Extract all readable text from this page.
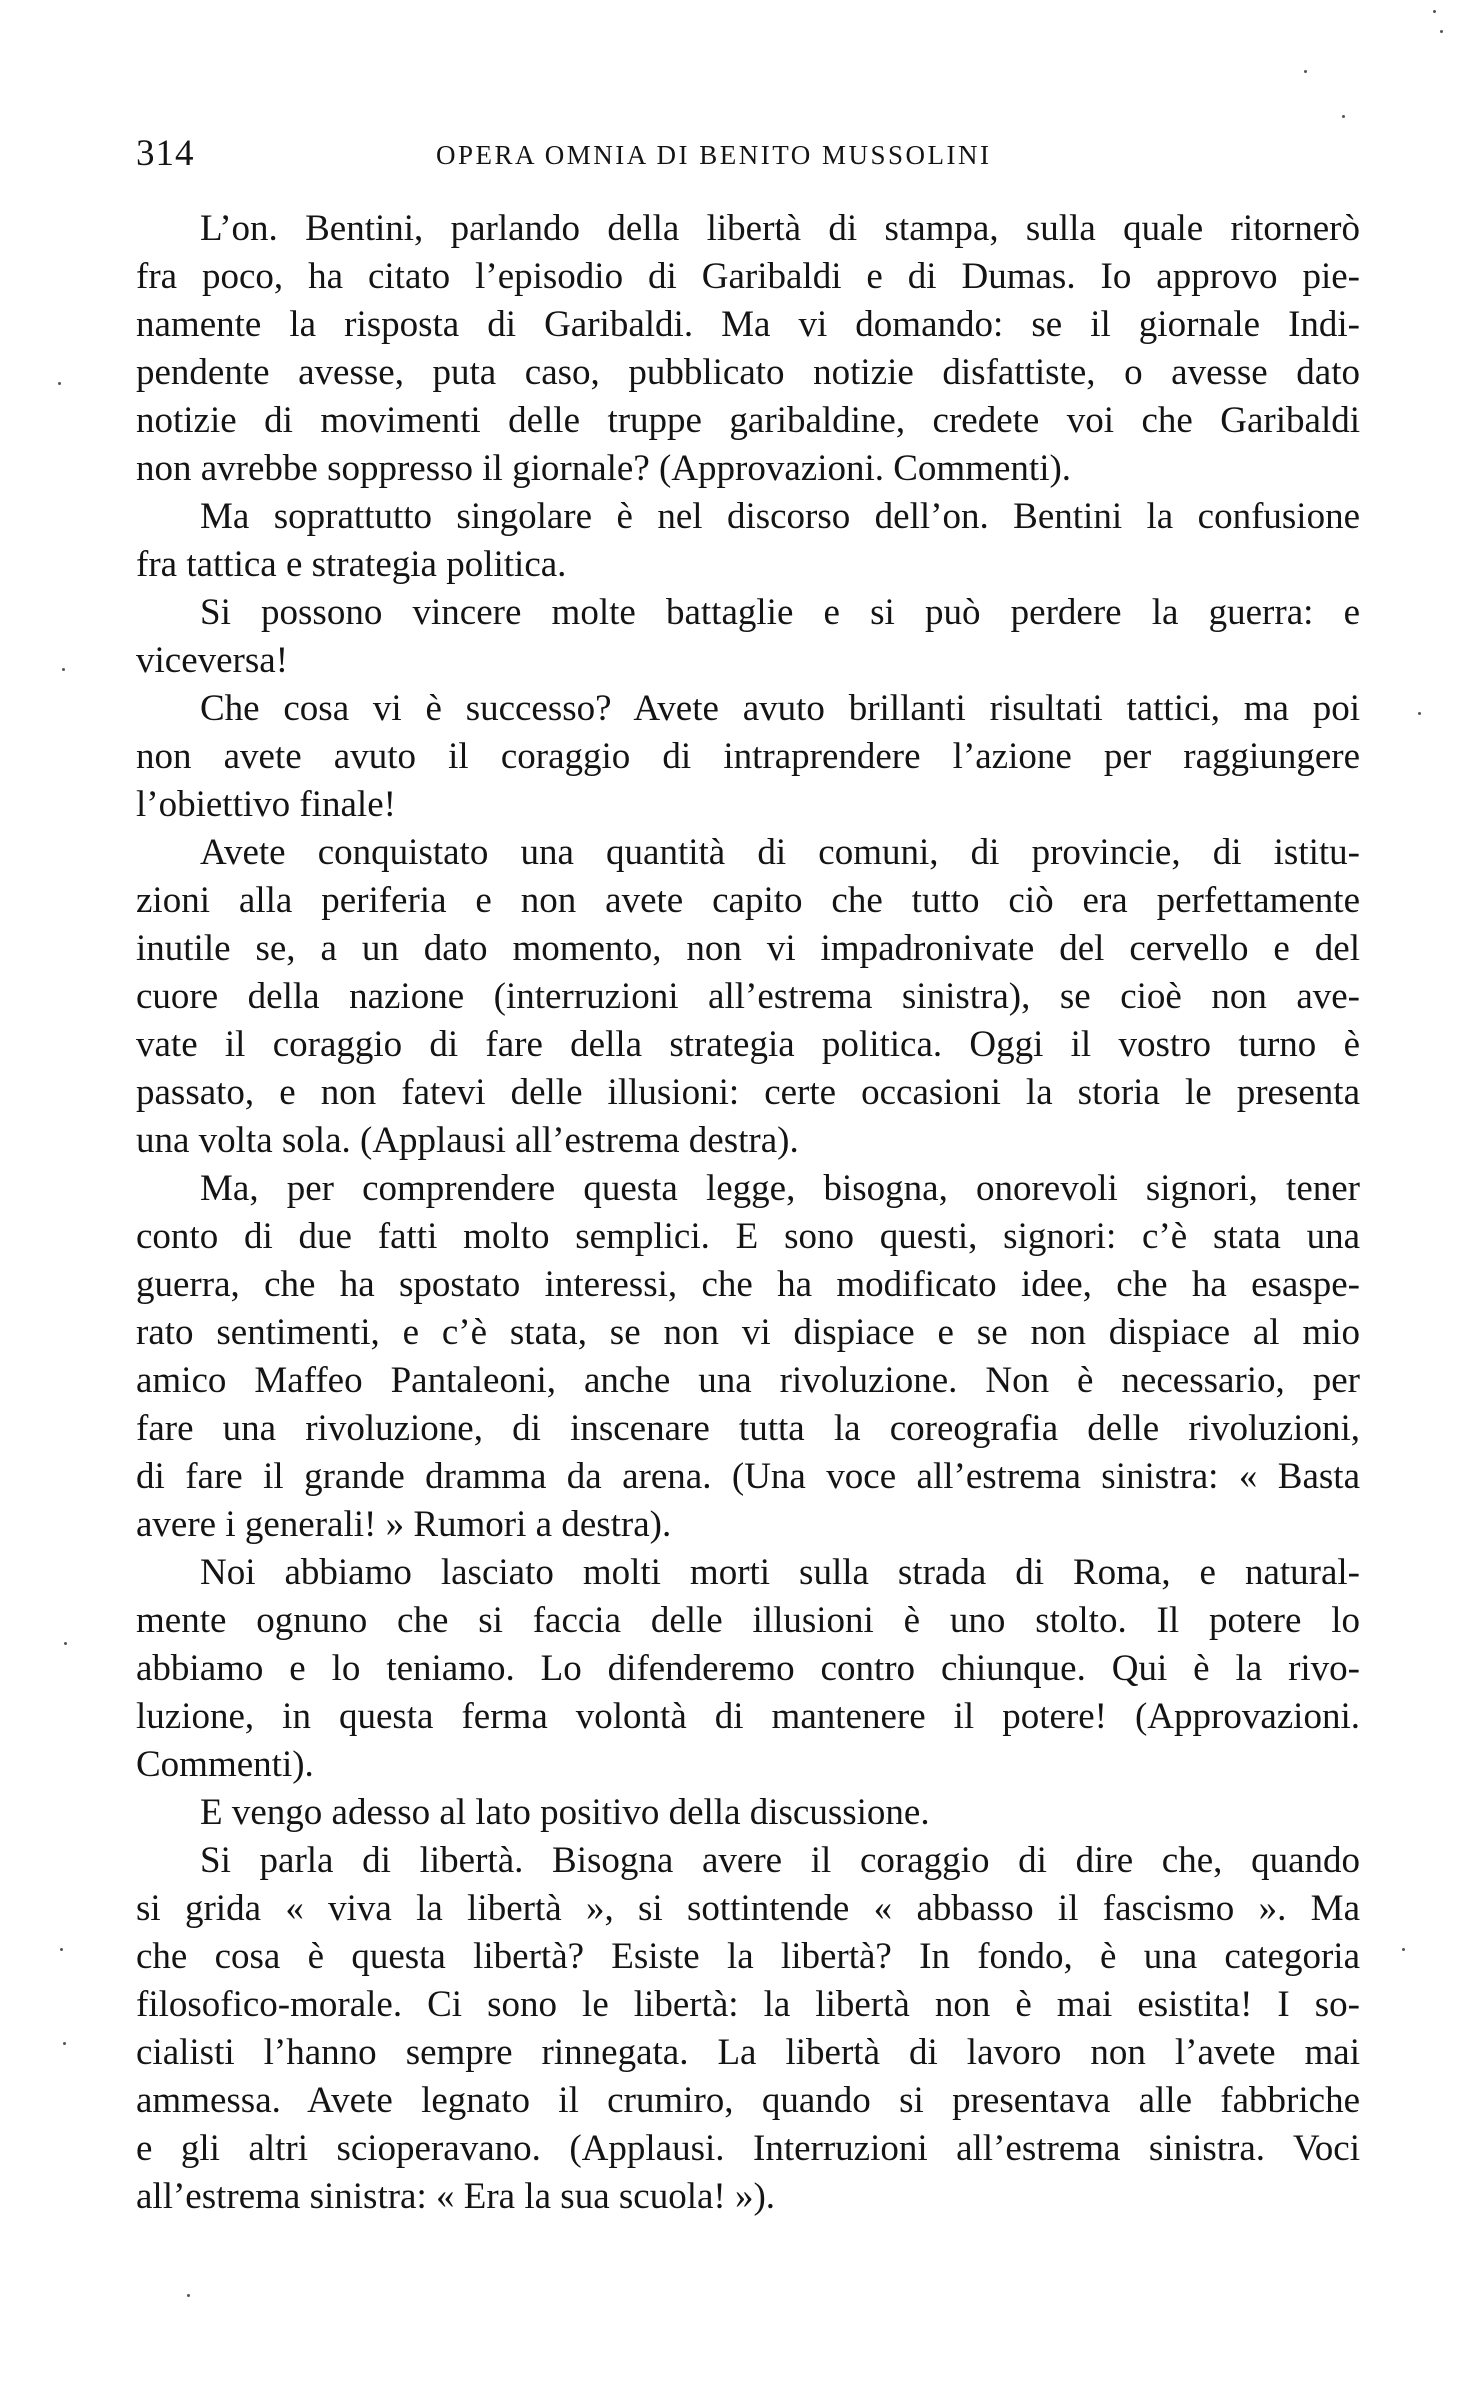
314	OPERA OMNIA DI BENITO MUSSOLINI
L’on. Bentini, parlando della libertà di stampa, sulla quale ritornerò
fra poco, ha citato l’episodio di Garibaldi e di Dumas. Io approvo pie-
namente la risposta di Garibaldi. Ma vi domando: se il giornale Indi-
pendente avesse, puta caso, pubblicato notizie disfattiste, o avesse dato
notizie di movimenti delle truppe garibaldine, credete voi che Garibaldi
non avrebbe soppresso il giornale? (Approvazioni. Commenti).
Ma soprattutto singolare è nel discorso dell’on. Bentini la confusione
fra tattica e strategia politica.
Si possono vincere molte battaglie e si può perdere la guerra: e
viceversa!
Che cosa vi è successo? Avete avuto brillanti risultati tattici, ma poi
non avete avuto il coraggio di intraprendere l’azione per raggiungere
l’obiettivo finale!
Avete conquistato una quantità di comuni, di provincie, di istitu-
zioni alla periferia e non avete capito che tutto ciò era perfettamente
inutile se, a un dato momento, non vi impadronivate del cervello e del
cuore della nazione (interruzioni all’estrema sinistra), se cioè non ave-
vate il coraggio di fare della strategia politica. Oggi il vostro turno è
passato, e non fatevi delle illusioni: certe occasioni la storia le presenta
una volta sola. (Applausi all’estrema destra).
Ma, per comprendere questa legge, bisogna, onorevoli signori, tener
conto di due fatti molto semplici. E sono questi, signori: c’è stata una
guerra, che ha spostato interessi, che ha modificato idee, che ha esaspe-
rato sentimenti, e c’è stata, se non vi dispiace e se non dispiace al mio
amico Maffeo Pantaleoni, anche una rivoluzione. Non è necessario, per
fare una rivoluzione, di inscenare tutta la coreografia delle rivoluzioni,
di fare il grande dramma da arena. (Una voce all’estrema sinistra: « Basta
avere i generali! » Rumori a destra).
Noi abbiamo lasciato molti morti sulla strada di Roma, e natural-
mente ognuno che si faccia delle illusioni è uno stolto. Il potere lo
abbiamo e lo teniamo. Lo difenderemo contro chiunque. Qui è la rivo-
luzione, in questa ferma volontà di mantenere il potere! (Approvazioni.
Commenti).
E vengo adesso al lato positivo della discussione.
Si parla di libertà. Bisogna avere il coraggio di dire che, quando
si grida « viva la libertà », si sottintende « abbasso il fascismo ». Ma
che cosa è questa libertà? Esiste la libertà? In fondo, è una categoria
filosofico-morale. Ci sono le libertà: la libertà non è mai esistita! I so-
cialisti l’hanno sempre rinnegata. La libertà di lavoro non l’avete mai
ammessa. Avete legnato il crumiro, quando si presentava alle fabbriche
e gli altri scioperavano. (Applausi. Interruzioni all’estrema sinistra. Voci
all’estrema sinistra: « Era la sua scuola! »).
